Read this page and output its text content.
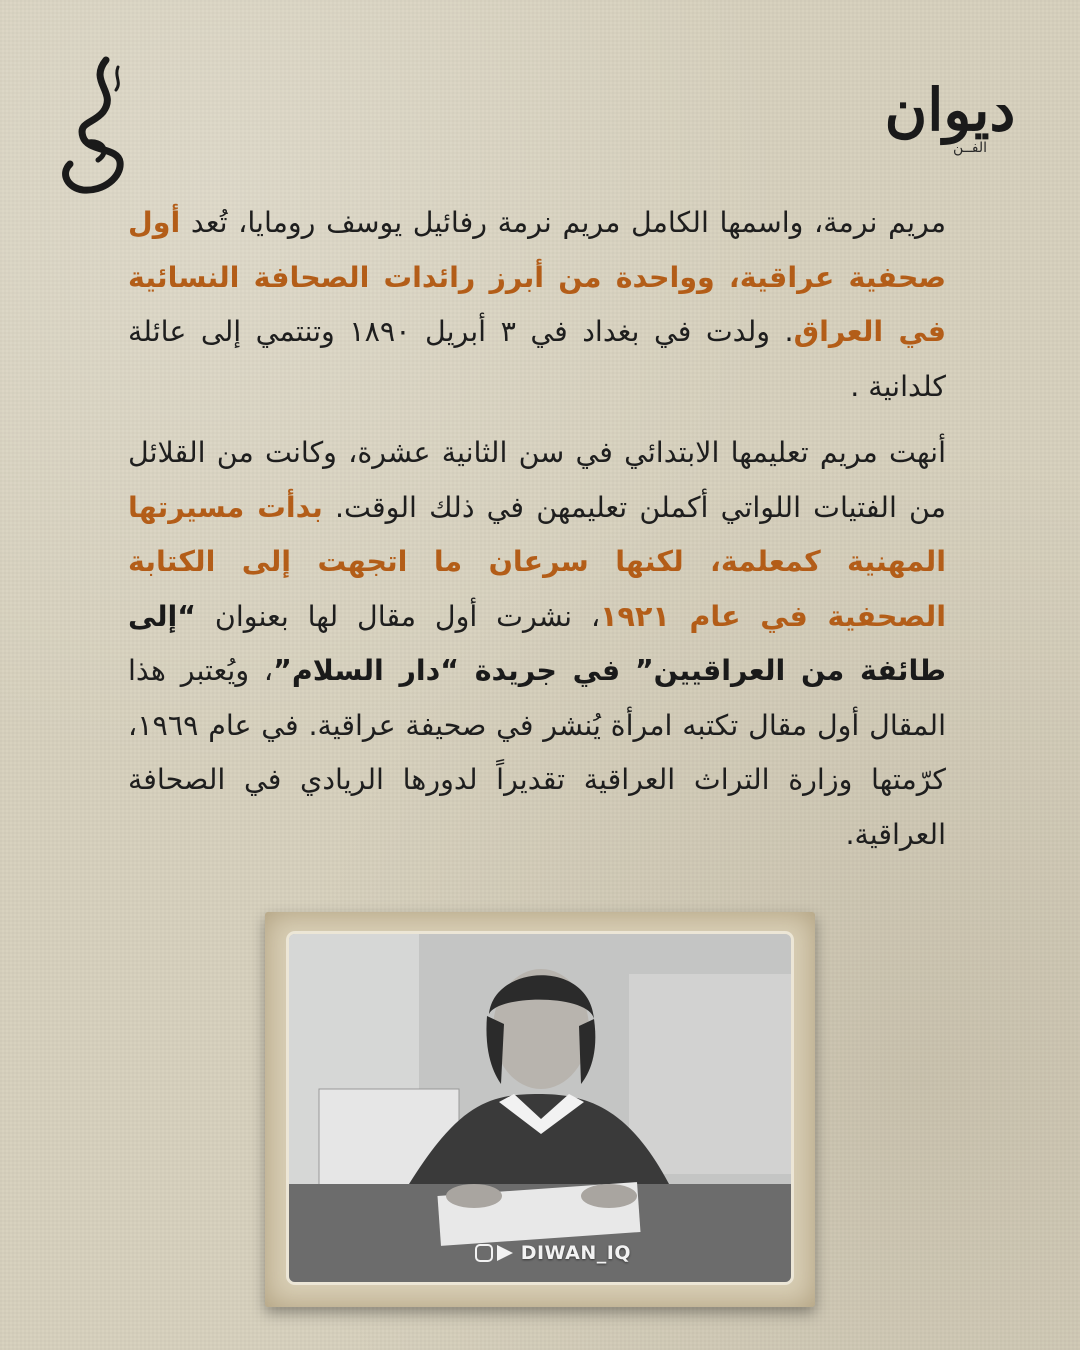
ديوان
الفــن

مريم نرمة، واسمها الكامل مريم نرمة رفائيل يوسف روما‌يا، تُعد أول صحفية عراقية، وواحدة من أبرز رائدات الصحافة النسائية في العراق. ولدت في بغداد في ٣ أبريل ١٨٩٠ وتنتمي إلى عائلة كلدانية .

أنهت مريم تعليمها الابتدائي في سن الثانية عشرة، وكانت من القلائل من الفتيات اللواتي أكملن تعليمهن في ذلك الوقت. بدأت مسيرتها المهنية كمعلمة، لكنها سرعان ما اتجهت إلى الكتابة الصحفية في عام ١٩٢١، نشرت أول مقال لها بعنوان “إلى طائفة من العراقيين” في جريدة “دار السلام”، ويُعتبر هذا المقال أول مقال تكتبه امرأة يُنشر في صحيفة عراقية. في عام ١٩٦٩، كرّمتها وزارة التراث العراقية تقديراً لدورها الريادي في الصحافة العراقية.

DIWAN_IQ
